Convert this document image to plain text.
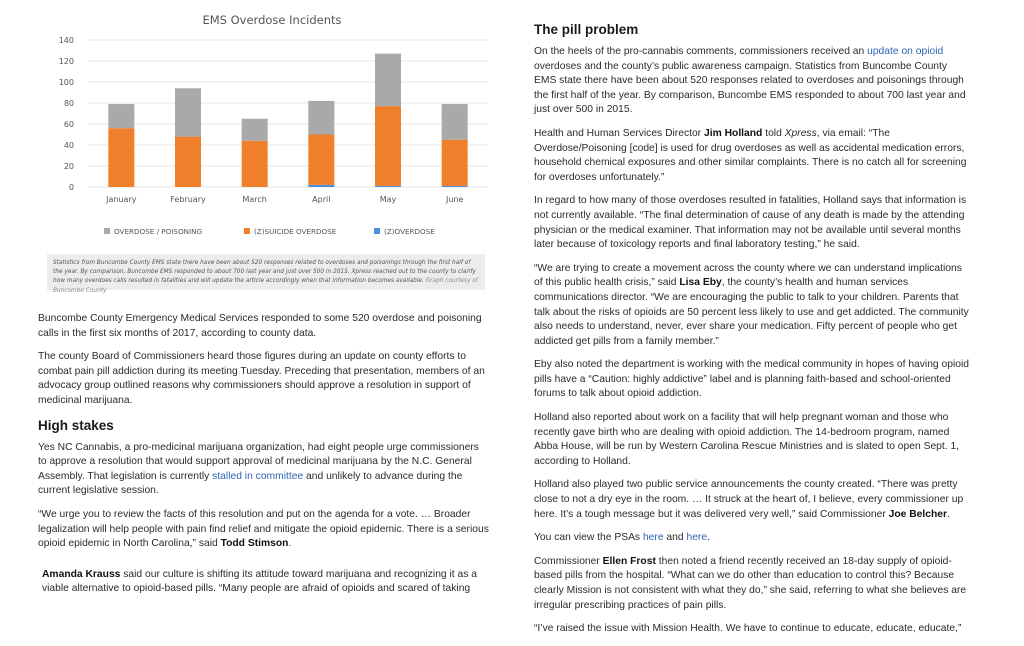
EMS Overdose Incidents
0
20
40
60
80
100
120
140
January	February	March	April	May	June
OVERDOSE / POISONING	(Z)SUICIDE OVERDOSE	(Z)OVERDOSE
Statistics from Buncombe County EMS state there have been about 520 responses related to overdoses and poisonings through the first half of the year. By comparison, Buncombe EMS responded to about 700 last year and just over 500 in 2015. Xpress reached out to the county to clarify how many overdoes calls resulted in fatalities and will update the article accordingly when that information becomes available. Graph courtesy of Buncombe County

Buncombe County Emergency Medical Services responded to some 520 overdose and poisoning calls in the first six months of 2017, according to county data.

The county Board of Commissioners heard those figures during an update on county efforts to combat pain pill addiction during its meeting Tuesday. Preceding that presentation, members of an advocacy group outlined reasons why commissioners should approve a resolution in support of medicinal marijuana.

High stakes

Yes NC Cannabis, a pro-medicinal marijuana organization, had eight people urge commissioners to approve a resolution that would support approval of medicinal marijuana by the N.C. General Assembly. That legislation is currently stalled in committee and unlikely to advance during the current legislative session.

“We urge you to review the facts of this resolution and put on the agenda for a vote. … Broader legalization will help people with pain find relief and mitigate the opioid epidemic. There is a serious opioid epidemic in North Carolina,” said Todd Stimson.

Amanda Krauss said our culture is shifting its attitude toward marijuana and recognizing it as a viable alternative to opioid-based pills. “Many people are afraid of opioids and scared of taking

The pill problem

On the heels of the pro-cannabis comments, commissioners received an update on opioid overdoses and the county’s public awareness campaign. Statistics from Buncombe County EMS state there have been about 520 responses related to overdoses and poisonings through the first half of the year. By comparison, Buncombe EMS responded to about 700 last year and just over 500 in 2015.

Health and Human Services Director Jim Holland told Xpress, via email: “The Overdose/Poisoning [code] is used for drug overdoses as well as accidental medication errors, household chemical exposures and other similar complaints. There is no catch all for screening for overdoses unfortunately.”

In regard to how many of those overdoses resulted in fatalities, Holland says that information is not currently available. “The final determination of cause of any death is made by the attending physician or the medical examiner. That information may not be available until several months later because of toxicology reports and final laboratory testing,” he said.

“We are trying to create a movement across the county where we can understand implications of this public health crisis,” said Lisa Eby, the county’s health and human services communications director. “We are encouraging the public to talk to your children. Parents that talk about the risks of opioids are 50 percent less likely to use and get addicted. The community also needs to understand, never, ever share your medication. Fifty percent of people who get addicted get pills from a family member.”

Eby also noted the department is working with the medical community in hopes of having opioid pills have a “Caution: highly addictive” label and is planning faith-based and school-oriented forums to talk about opioid addiction.

Holland also reported about work on a facility that will help pregnant woman and those who recently gave birth who are dealing with opioid addiction. The 14-bedroom program, named Abba House, will be run by Western Carolina Rescue Ministries and is slated to open Sept. 1, according to Holland.

Holland also played two public service announcements the county created. “There was pretty close to not a dry eye in the room. … It struck at the heart of, I believe, every commissioner up here. It’s a tough message but it was delivered very well,” said Commissioner Joe Belcher.

You can view the PSAs here and here.

Commissioner Ellen Frost then noted a friend recently received an 18-day supply of opioid-based pills from the hospital. “What can we do other than education to control this? Because clearly Mission is not consistent with what they do,” she said, referring to what she believes are irregular prescribing practices of pain pills.

“I’ve raised the issue with Mission Health. We have to continue to educate, educate, educate,”
